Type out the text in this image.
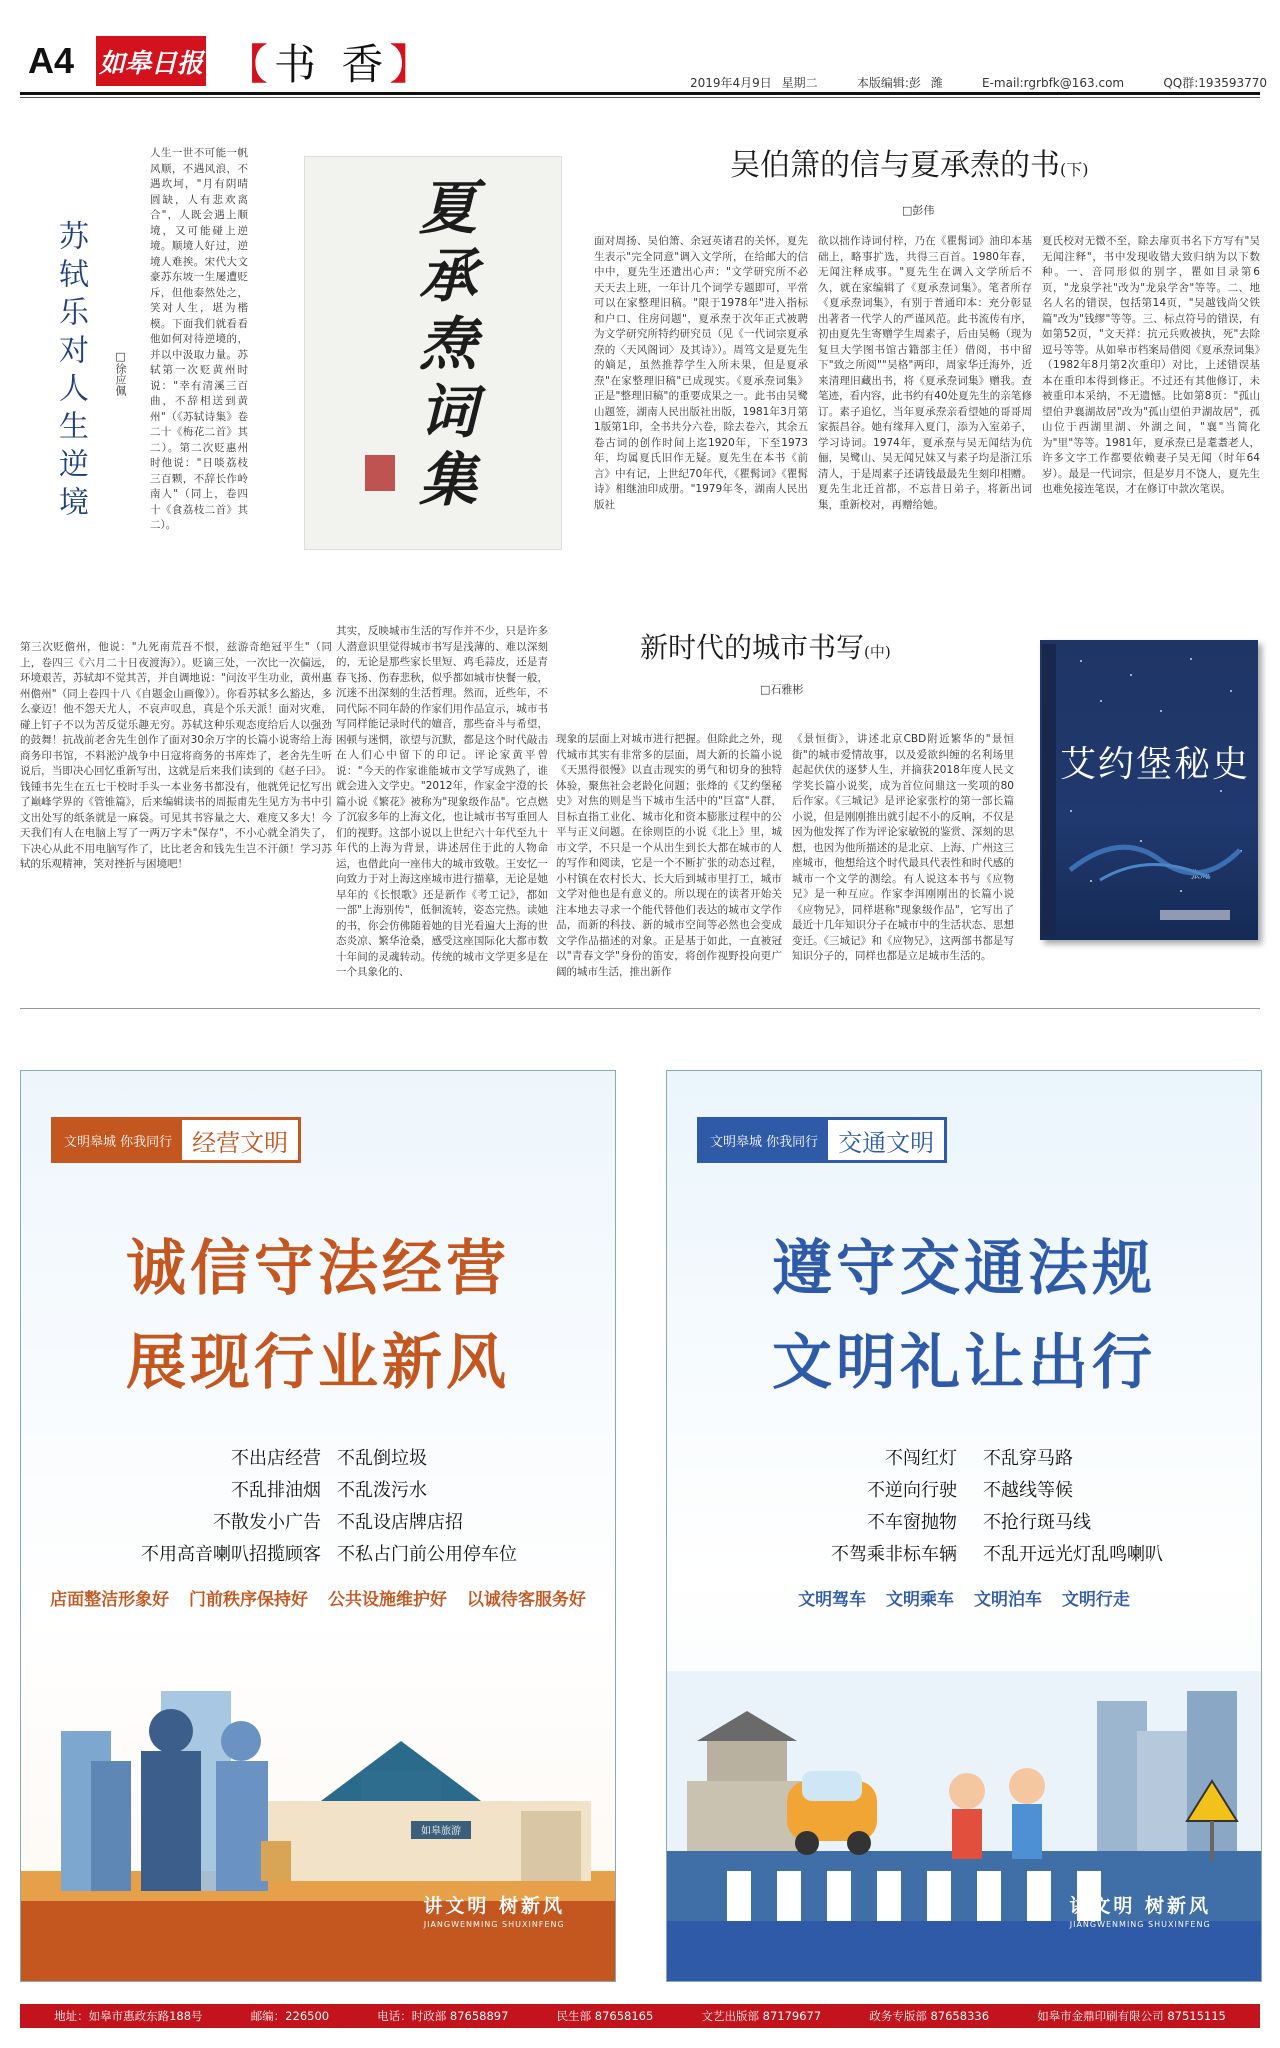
A4 如皋日报 【书 香】	2019年4月9日 星期二	本版编辑:彭 潍	E-mail:rgrbfk@163.com	QQ群:193593770
苏轼乐对人生逆境	□徐应佩
人生一世不可能一帆风顺，不遇风浪，不遇坎坷，"月有阴晴圆缺，人有悲欢离合"，人既会遇上顺境，又可能碰上逆境。顺境人好过，逆境人难挨。宋代大文豪苏东坡一生屡遭贬斥，但他泰然处之，笑对人生，堪为楷模。下面我们就看看他如何对待逆境的，并以中汲取力量。苏轼第一次贬黄州时说："幸有清溪三百曲，不辞相送到黄州"（《苏轼诗集》卷二十《梅花二首》其二）。第二次贬惠州时他说："日啖荔枝三百颗，不辞长作岭南人"（同上，卷四十《食荔枝二首》其二）。
第三次贬儋州，他说："九死南荒吾不恨，兹游奇绝冠平生"（同上，卷四三《六月二十日夜渡海》）。贬谪三处，一次比一次偏远，环境艰苦，苏轼却不觉其苦，并自调地说："问汝平生功业，黄州惠州儋州"（同上卷四十八《自题金山画像》）。你看苏轼多么豁达，多么豪迈！他不怨天尤人，不哀声叹息，真是个乐天派！面对灾难，碰上钉子不以为苦反觉乐趣无穷。苏轼这种乐观态度给后人以强劲的鼓舞！抗战前老舍先生创作了面对30余万字的长篇小说寄给上海商务印书馆，不料淞沪战争中日寇将商务的书库炸了，老舍先生听说后，当即决心回忆重新写出，这就是后来我们读到的《赵子曰》。钱锺书先生在五七干校时手头一本业务书都没有，他就凭记忆写出了巅峰学界的《管锥篇》，后来编辑读书的周振甫先生见方为书中引文出处写的纸条就是一麻袋。可见其书容量之大、难度又多大！今天我们有人在电脑上写了一两万字未"保存"，不小心就全消失了，下决心从此不用电脑写作了，比比老舍和钱先生岂不汗颜！学习苏轼的乐观精神，笑对挫折与困境吧！
夏承焘词集
吴伯箫的信与夏承焘的书(下)
□彭伟
面对周扬、吴伯箫、余冠英诸君的关怀，夏先生表示"完全同意"调入文学所，在给邮大的信中中，夏先生还遣出心声："文学研究所不必天天去上班，一年计几个词学专题即可，平常可以在家整理旧稿。"限于1978年"进入指标和户口、住房问题"，夏承焘于次年正式被聘为文学研究所特约研究员（见《一代词宗夏承焘的〈天风阁词〉及其诗》）。周笃文是夏先生的嫡足，虽然推荐学生入所未果，但是夏承焘"在家整理旧稿"已成现实。《夏承焘词集》正是"整理旧稿"的重要成果之一。此书由吴鹭山题签，湖南人民出版社出版，1981年3月第1版第1印，全书共分六卷，除去卷六，其余五卷古词的创作时间上迄1920年，下至1973年，均属夏氏旧作无疑。夏先生在本书《前言》中有记，上世纪70年代，《瞿髯词》《瞿髯诗》相继油印成册。"1979年冬，湖南人民出版社
欲以拙作诗词付梓，乃在《瞿髯词》油印本基础上，略事扩选，共得三百首。1980年春，无闻注释成事。"夏先生在调入文学所后不久，就在家编辑了《夏承焘词集》。笔者所存《夏承焘词集》，有别于普通印本：充分彰显出著者一代学人的严谨风范。此书流传有序，初由夏先生寄赠学生周素子，后由吴畅（现为复旦大学图书馆古籍部主任）借阅，书中留下"致之所阅""吴格"两印，周家华迁海外，近来清理旧藏出书，将《夏承焘词集》赠我。查笔迹，看内容，此书约有40处夏先生的亲笔修订。素子追忆，当年夏承焘亲看望她的哥哥周家振昌谷。她有缘拜入夏门，添为入室弟子，学习诗词。1974年，夏承焘与吴无闻结为伉俪，吴鹭山、吴无闻兄妹又与素子均是浙江乐清人，于是周素子还请钱最最先生刻印相赠。夏先生北迁首都，不忘昔日弟子，将新出词集，重新校对，再赠给她。
夏氏校对无微不至，除去扉页书名下方写有"吴无闻注释"，书中发现收错大致归纳为以下数种。一、音同形似的别字，瞿如目录第6页，"龙泉学社"改为"龙泉学舍"等等。二、地名人名的错误，包括第14页，"吴越钱尚父铁篇"改为"钱缪"等等。三、标点符号的错误，有如第52页，"文天祥：抗元兵败被执，死"去除逗号等等。从如皋市档案局借阅《夏承焘词集》（1982年8月第2次重印）对比，上述错误基本在重印本得到修正。不过还有其他修订，未被重印本采纳，不无遗憾。比如第8页："孤山望伯尹襄湖故居"改为"孤山望伯尹湖故居"，孤山位于西湖里湖、外湖之间，"襄"当简化为"里"等等。1981年，夏承焘已是耄耋老人，许多文字工作都要依赖妻子吴无闻（时年64岁）。最是一代词宗，但是岁月不饶人，夏先生也难免接连笔误，才在修订中款次笔误。
其实，反映城市生活的写作并不少，只是许多人潜意识里觉得城市书写是浅薄的、难以深刻的，无论是那些家长里短、鸡毛蒜皮，还是青春飞扬、伤春悲秋，似乎都如城市快餐一般，沉迷不出深刻的生活哲理。然而，近些年，不同代际不同年龄的作家们用作品宣示，城市书写同样能记录时代的嬗音，那些奋斗与希望，困顿与迷惘，欲望与沉默，都是这个时代敲击在人们心中留下的印记。评论家黄平曾说："今天的作家谁能城市文学写成熟了，谁就会进入文学史。"2012年，作家金宇澄的长篇小说《繁花》被称为"现象级作品"。它点燃了沉寂多年的上海文化，也让城市书写重回人们的视野。这部小说以上世纪六十年代至九十年代的上海为背景，讲述居住于此的人物命运，也借此向一座伟大的城市致敬。王安忆一向致力于对上海这座城市进行描摹，无论是她早年的《长恨歌》还是新作《考工记》，都如一部"上海别传"，低徊流转，姿态完热。读她的书，你会仿佛随着她的目光看遍大上海的世态炎凉、繁华沧桑，感受这座国际化大都市数十年间的灵魂转动。传统的城市文学更多是在一个具象化的、
新时代的城市书写(中)
□石雅彬
现象的层面上对城市进行把握。但除此之外，现代城市其实有非常多的层面，周大新的长篇小说《天黑得很慢》以直击现实的勇气和切身的独特体验，聚焦社会老龄化问题；张烽的《艾约堡秘史》对焦的则是当下城市生活中的"巨富"人群，目标直指工业化、城市化和资本膨胀过程中的公平与正义问题。在徐则臣的小说《北上》里，城市文学，不只是一个从出生到长大都在城市的人的写作和阅读，它是一个不断扩张的动态过程，小村镇在农村长大、长大后到城市里打工，城市文学对他也是有意义的。所以现在的读者开始关注本地去寻求一个能代替他们表达的城市文学作品，而新的科技、新的城市空间等必然也会变成文学作品描述的对象。正是基于如此，一直被冠以"青春文学"身份的笛安，将创作视野投向更广阔的城市生活，推出新作
《景恒街》，讲述北京CBD附近繁华的"景恒街"的城市爱情故事，以及爱欲纠缠的名利场里起起伏伏的逐梦人生，并摘获2018年度人民文学奖长篇小说奖，成为首位问鼎这一奖项的80后作家。《三城记》是评论家张柠的第一部长篇小说，但是刚刚推出就引起不小的反响，不仅是因为他发挥了作为评论家敏锐的鉴赏、深刻的思想，也因为他所描述的是北京、上海、广州这三座城市，他想给这个时代最具代表性和时代感的城市一个文学的测绘。有人说这本书与《应物兄》是一种互应。作家李洱刚刚出的长篇小说《应物兄》，同样堪称"现象级作品"，它写出了最近十几年知识分子在城市中的生活状态、思想变迁。《三城记》和《应物兄》，这两部书都是写知识分子的，同样也都是立足城市生活的。
艾约堡秘史
张炜
文明皋城 你我同行 经营文明
诚信守法经营
展现行业新风
不出店经营
不乱排油烟
不散发小广告
不用高音喇叭招揽顾客
不乱倒垃圾
不乱泼污水
不乱设店牌店招
不私占门前公用停车位
店面整洁形象好 门前秩序保持好 公共设施维护好 以诚待客服务好
如皋旅游
讲文明 树新风
JIANGWENMING SHUXINFENG
文明皋城 你我同行 交通文明
遵守交通法规
文明礼让出行
不闯红灯
不逆向行驶
不车窗抛物
不驾乘非标车辆
不乱穿马路
不越线等候
不抢行斑马线
不乱开远光灯乱鸣喇叭
文明驾车 文明乘车 文明泊车 文明行走
讲文明 树新风
JIANGWENMING SHUXINFENG
地址：如皋市惠政东路188号	邮编：226500	电话：时政部 87658897	民生部 87658165	文艺出版部 87179677	政务专版部 87658336	如皋市金鼎印刷有限公司 87515115
